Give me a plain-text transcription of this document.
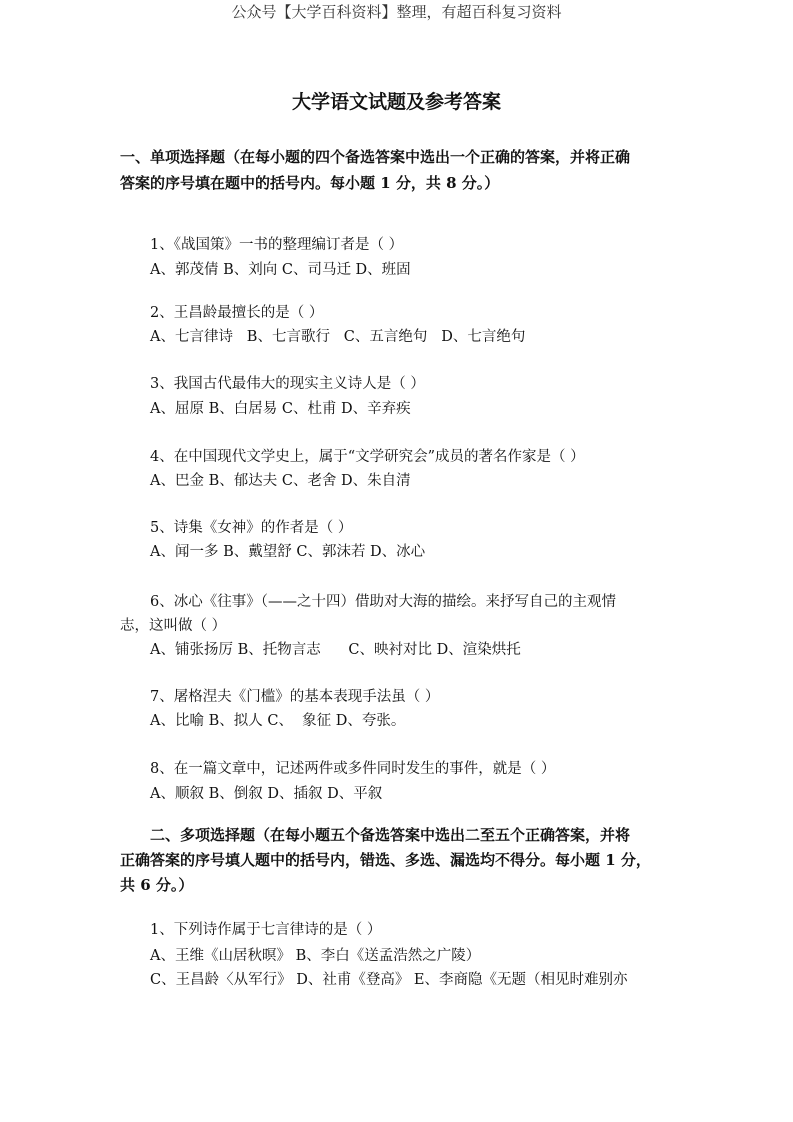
公众号【大学百科资料】整理，有超百科复习资料
大学语文试题及参考答案
一、单项选择题（在每小题的四个备选答案中选出一个正确的答案，并将正确
答案的序号填在题中的括号内。每小题 1 分，共 8 分。）
1、《战国策》一书的整理编订者是（ ）
A、郭茂倩 B、刘向 C、司马迁 D、班固
2、王昌龄最擅长的是（ ）
A、七言律诗   B、七言歌行   C、五言绝句   D、七言绝句
3、我国古代最伟大的现实主义诗人是（ ）
A、屈原 B、白居易 C、杜甫 D、辛弃疾
4、在中国现代文学史上，属于“文学研究会”成员的著名作家是（ ）
A、巴金 B、郁达夫 C、老舍 D、朱自清
5、诗集《女神》的作者是（ ）
A、闻一多 B、戴望舒 C、郭沫若 D、冰心
6、冰心《往事》（——之十四）借助对大海的描绘。来抒写自己的主观情
志，这叫做（ ）
A、铺张扬厉 B、托物言志      C、映衬对比 D、渲染烘托
7、屠格涅夫《门槛》的基本表现手法虽（ ）
A、比喻 B、拟人 C、  象征 D、夸张。
8、在一篇文章中，记述两件或多件同时发生的事件，就是（ ）
A、顺叙 B、倒叙 D、插叙 D、平叙
二、多项选择题（在每小题五个备选答案中选出二至五个正确答案，并将
正确答案的序号填人题中的括号内，错选、多选、漏选均不得分。每小题 1 分，
共 6 分。）
1、下列诗作属于七言律诗的是（ ）
A、王维《山居秋暝》 B、李白《送孟浩然之广陵）
C、王昌龄〈从军行》 D、社甫《登高》 E、李商隐《无题（相见时难别亦
